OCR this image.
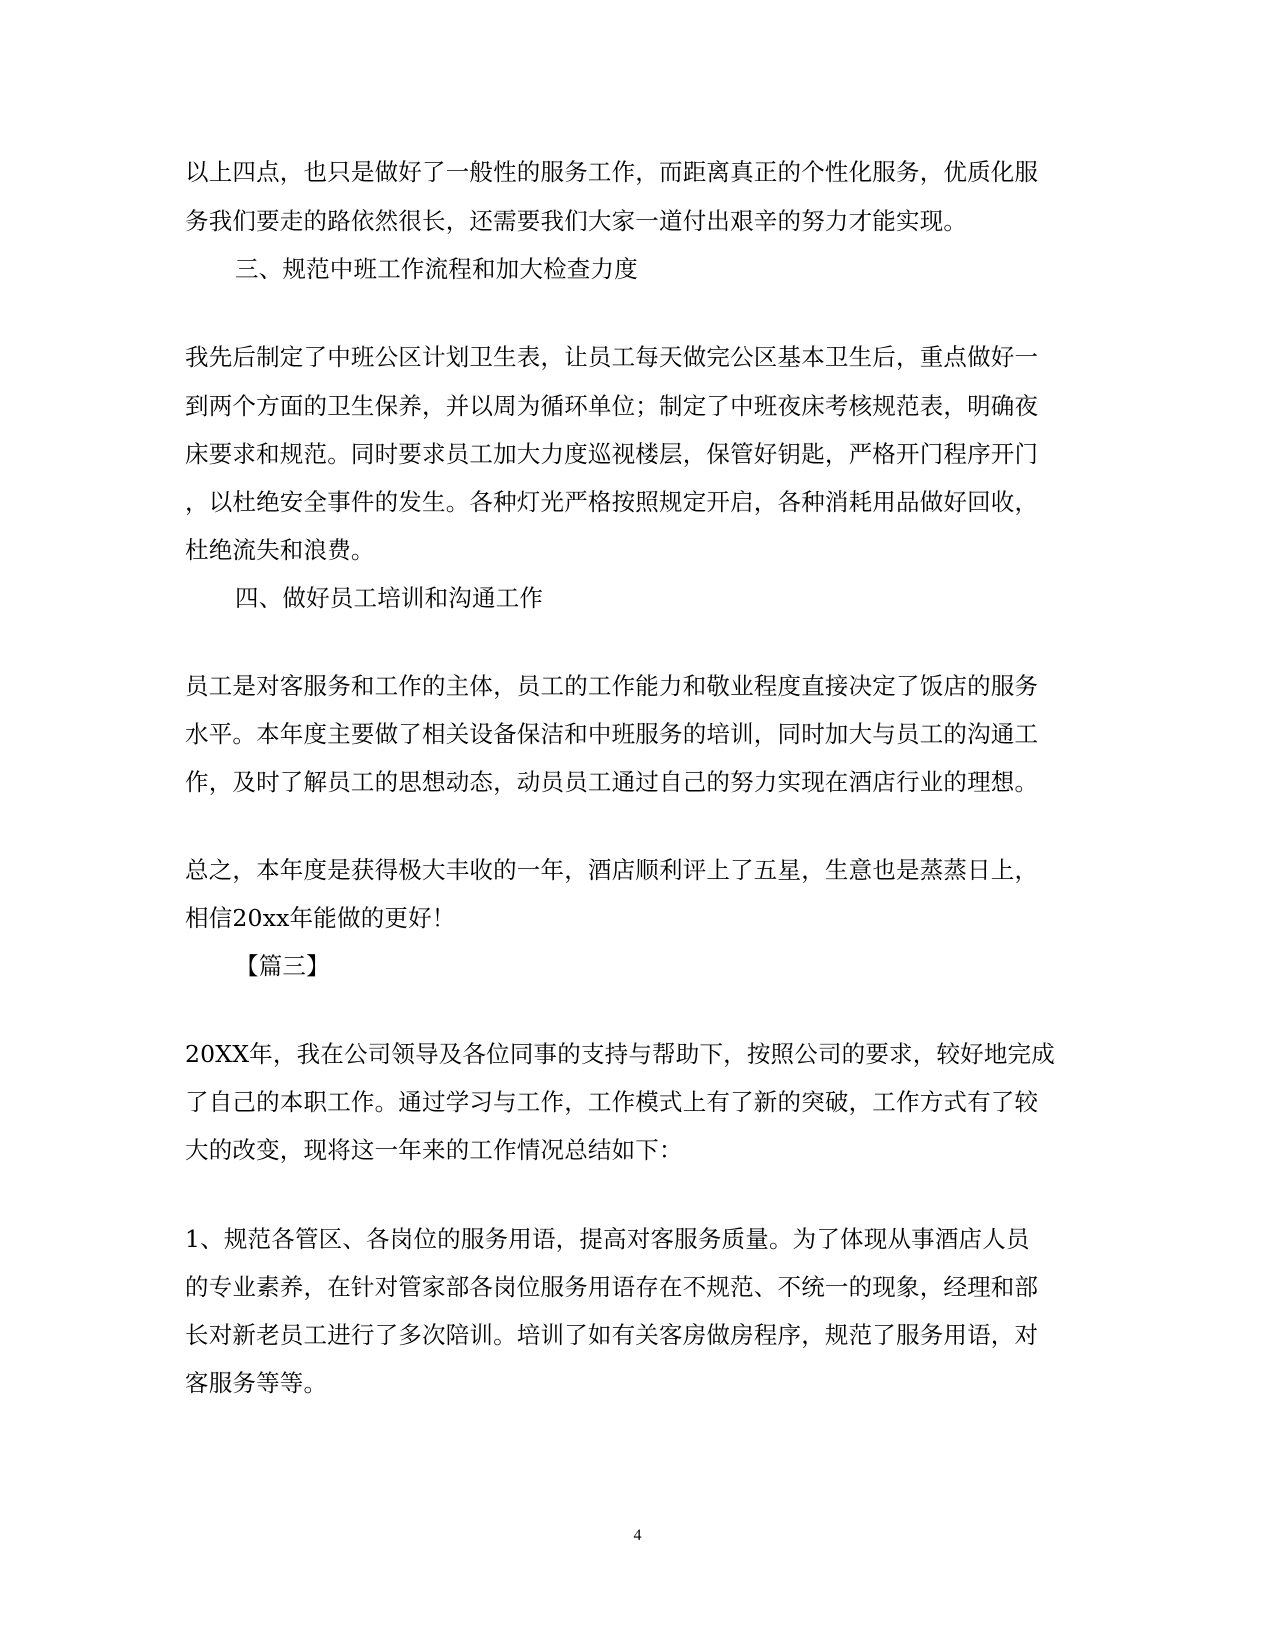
以上四点，也只是做好了一般性的服务工作，而距离真正的个性化服务，优质化服
务我们要走的路依然很长，还需要我们大家一道付出艰辛的努力才能实现。
三、规范中班工作流程和加大检查力度
我先后制定了中班公区计划卫生表，让员工每天做完公区基本卫生后，重点做好一
到两个方面的卫生保养，并以周为循环单位；制定了中班夜床考核规范表，明确夜
床要求和规范。同时要求员工加大力度巡视楼层，保管好钥匙，严格开门程序开门
，以杜绝安全事件的发生。各种灯光严格按照规定开启，各种消耗用品做好回收，
杜绝流失和浪费。
四、做好员工培训和沟通工作
员工是对客服务和工作的主体，员工的工作能力和敬业程度直接决定了饭店的服务
水平。本年度主要做了相关设备保洁和中班服务的培训，同时加大与员工的沟通工
作，及时了解员工的思想动态，动员员工通过自己的努力实现在酒店行业的理想。
总之，本年度是获得极大丰收的一年，酒店顺利评上了五星，生意也是蒸蒸日上，
相信20xx年能做的更好！
【篇三】
20XX年，我在公司领导及各位同事的支持与帮助下，按照公司的要求，较好地完成
了自己的本职工作。通过学习与工作，工作模式上有了新的突破，工作方式有了较
大的改变，现将这一年来的工作情况总结如下：
1、规范各管区、各岗位的服务用语，提高对客服务质量。为了体现从事酒店人员
的专业素养，在针对管家部各岗位服务用语存在不规范、不统一的现象，经理和部
长对新老员工进行了多次陪训。培训了如有关客房做房程序，规范了服务用语，对
客服务等等。
4
